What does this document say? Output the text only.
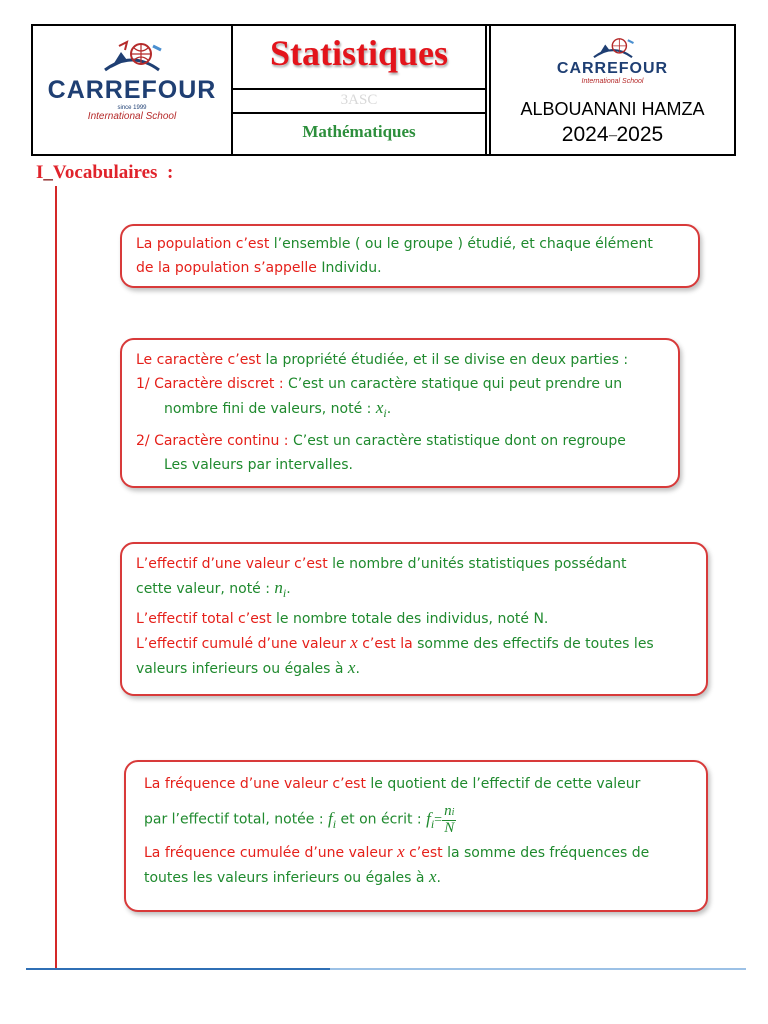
CARREFOUR
since 1999
International School
Statistiques
3ASC
Mathématiques
CARREFOUR
International School
ALBOUANANI HAMZA
2024----2025
I_Vocabulaires :
La population c’est l’ensemble ( ou le groupe ) étudié, et chaque élément
de la population s’appelle Individu.
Le caractère c’est la propriété étudiée, et il se divise en deux parties :
1/ Caractère discret : C’est un caractère statique qui peut prendre un
nombre fini de valeurs, noté : $x_i$.
2/ Caractère continu : C’est un caractère statistique dont on regroupe
Les valeurs par intervalles.
L’effectif d’une valeur c’est le nombre d’unités statistiques possédant
cette valeur, noté : $n_i$.
L’effectif total c’est le nombre totale des individus, noté N.
L’effectif cumulé d’une valeur x c’est la somme des effectifs de toutes les
valeurs inferieurs ou égales à x.
La fréquence d’une valeur c’est le quotient de l’effectif de cette valeur
par l’effectif total, notée : $f_i$ et on écrit : $f_i= \frac{ni}{N}$
La fréquence cumulée d’une valeur x c’est la somme des fréquences de
toutes les valeurs inferieurs ou égales à x.
